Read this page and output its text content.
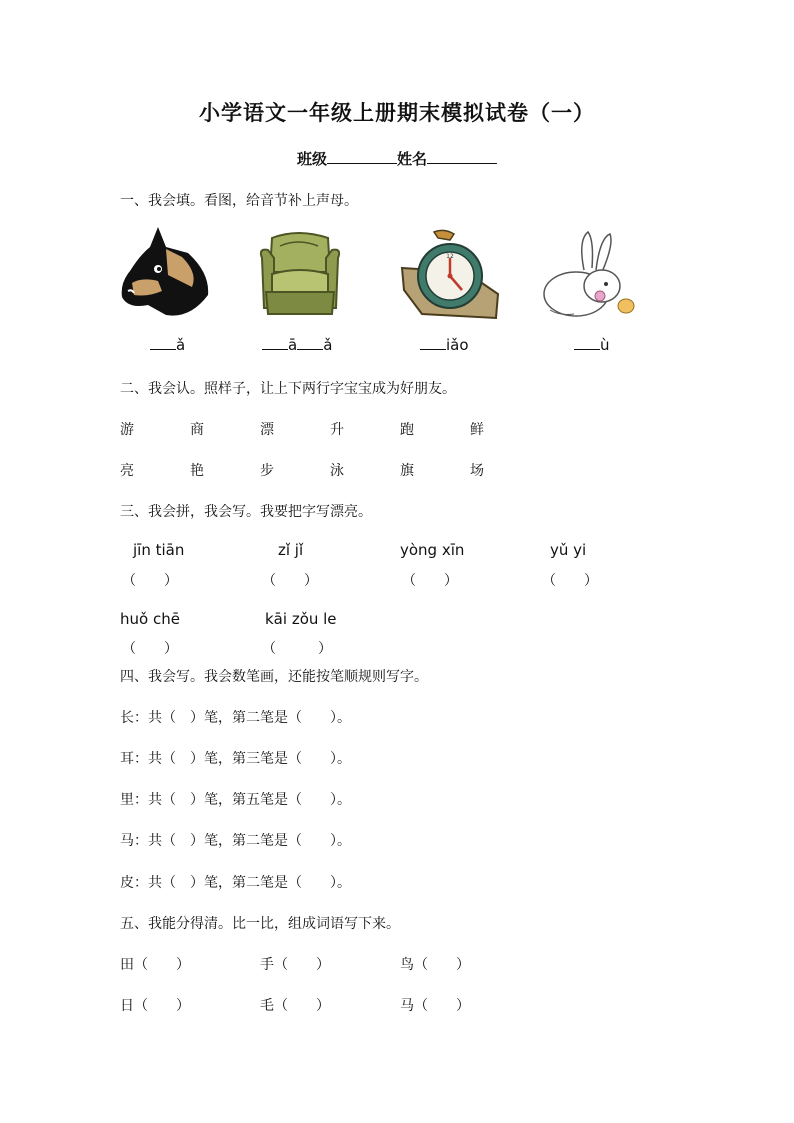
小学语文一年级上册期末模拟试卷（一）
班级	姓名
一、我会填。看图，给音节补上声母。
12
ǎ	ā ǎ	iǎo	ù
二、我会认。照样子，让上下两行字宝宝成为好朋友。
游	商	漂	升	跑	鲜
亮	艳	步	泳	旗	场
三、我会拼，我会写。我要把字写漂亮。
jīn tiān	zǐ jǐ	yòng xīn	yǔ yi
（　　）	（　　）	（　　）	（　　）
huǒ chē	kāi zǒu le
（　　）	（　　　）
四、我会写。我会数笔画，还能按笔顺规则写字。
长：共（　）笔，第二笔是（　　）。
耳：共（　）笔，第三笔是（　　）。
里：共（　）笔，第五笔是（　　）。
马：共（　）笔，第二笔是（　　）。
皮：共（　）笔，第二笔是（　　）。
五、我能分得清。比一比，组成词语写下来。
田（　　）	手（　　）	鸟（　　）
日（　　）	毛（　　）	马（　　）
